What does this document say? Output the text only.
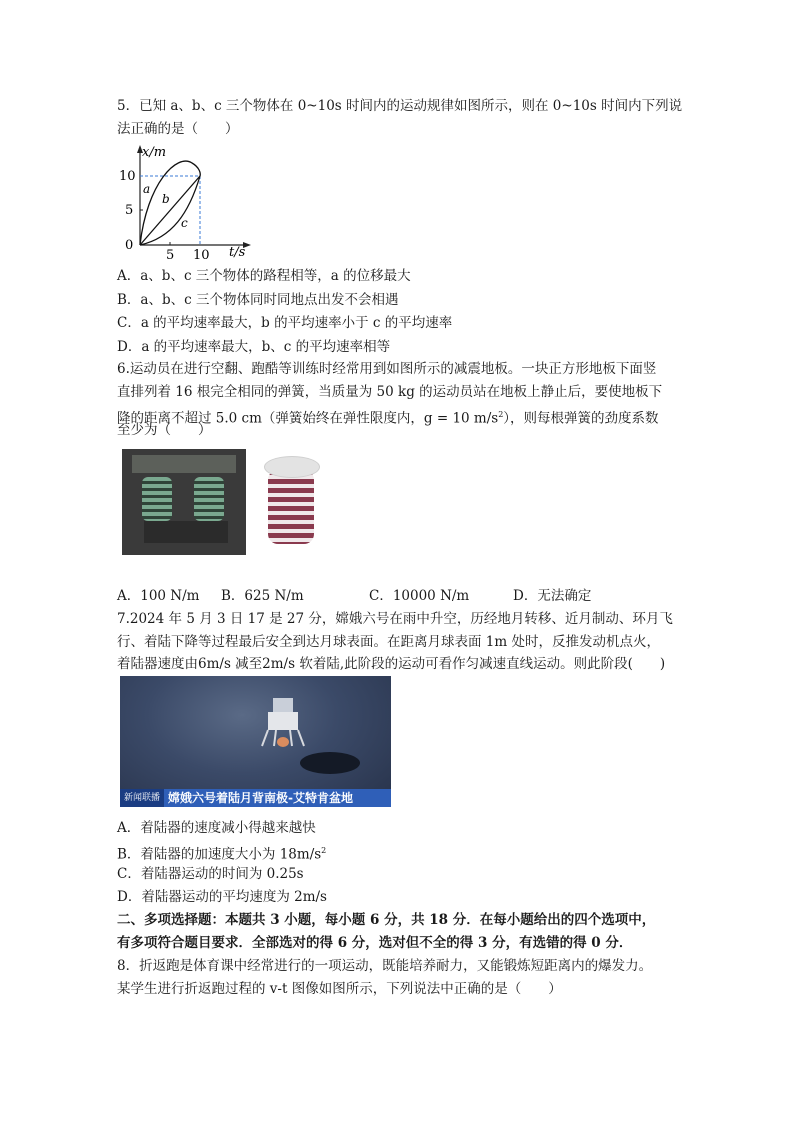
5．已知 a、b、c 三个物体在 0~10s 时间内的运动规律如图所示，则在 0~10s 时间内下列说
法正确的是（　　）
x/m
t/s
10
5
0
5 10
a
b
c
A．a、b、c 三个物体的路程相等，a 的位移最大
B．a、b、c 三个物体同时同地点出发不会相遇
C．a 的平均速率最大，b 的平均速率小于 c 的平均速率
D．a 的平均速率最大，b、c 的平均速率相等
6.运动员在进行空翻、跑酷等训练时经常用到如图所示的减震地板。一块正方形地板下面竖
直排列着 16 根完全相同的弹簧，当质量为 50 kg 的运动员站在地板上静止后，要使地板下
降的距离不超过 5.0 cm（弹簧始终在弹性限度内，g = 10 $m/s^2$），则每根弹簧的劲度系数
至少为（　　）
A．100 N/m B．625 N/m	C．10000 N/m	D．无法确定
7.2024 年 5 月 3 日 17 是 27 分，嫦娥六号在雨中升空，历经地月转移、近月制动、环月飞
行、着陆下降等过程最后安全到达月球表面。在距离月球表面 1m 处时，反推发动机点火，
着陆器速度由6m/s 减至2m/s 软着陆,此阶段的运动可看作匀减速直线运动。则此阶段(　　)
新闻联播 嫦娥六号着陆月背南极-艾特肯盆地
A．着陆器的速度减小得越来越快
B．着陆器的加速度大小为 $18m/s^2$
C．着陆器运动的时间为 0.25s
D．着陆器运动的平均速度为 2m/s
二、多项选择题：本题共 3 小题，每小题 6 分，共 18 分．在每小题给出的四个选项中，
有多项符合题目要求．全部选对的得 6 分，选对但不全的得 3 分，有选错的得 0 分．
8．折返跑是体育课中经常进行的一项运动，既能培养耐力，又能锻炼短距离内的爆发力。
某学生进行折返跑过程的 v-t 图像如图所示，下列说法中正确的是（　　）
